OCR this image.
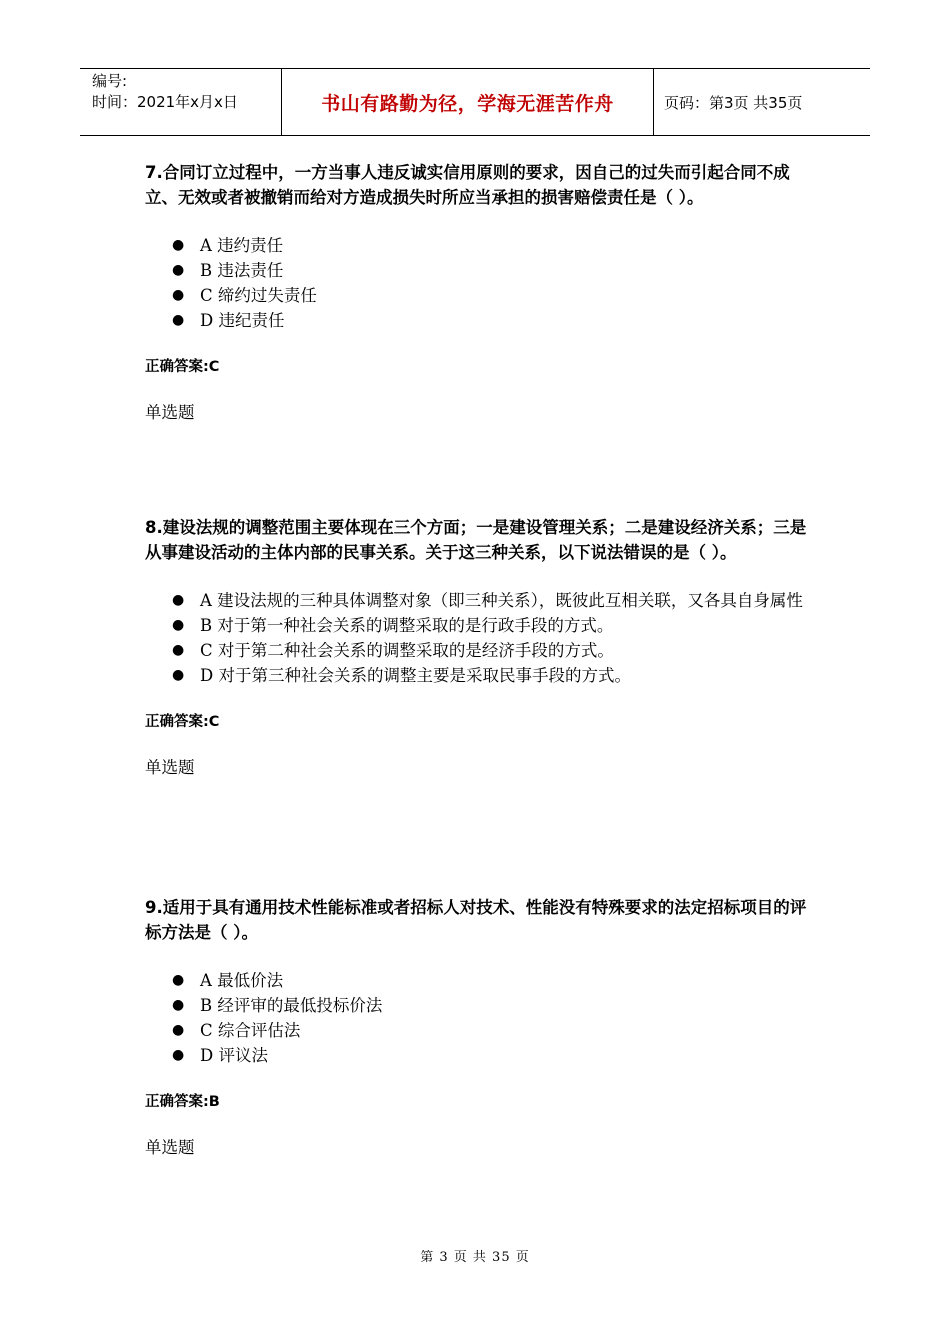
编号:
时间：2021年x月x日	书山有路勤为径，学海无涯苦作舟	页码：第3页 共35页
7.合同订立过程中，一方当事人违反诚实信用原则的要求，因自己的过失而引起合同不成立、无效或者被撤销而给对方造成损失时所应当承担的损害赔偿责任是（ ）。
● A 违约责任
● B 违法责任
● C 缔约过失责任
● D 违纪责任
正确答案:C
单选题
8.建设法规的调整范围主要体现在三个方面；一是建设管理关系；二是建设经济关系；三是从事建设活动的主体内部的民事关系。关于这三种关系，以下说法错误的是（ ）。
● A 建设法规的三种具体调整对象（即三种关系），既彼此互相关联，又各具自身属性
● B 对于第一种社会关系的调整采取的是行政手段的方式。
● C 对于第二种社会关系的调整采取的是经济手段的方式。
● D 对于第三种社会关系的调整主要是采取民事手段的方式。
正确答案:C
单选题
9.适用于具有通用技术性能标准或者招标人对技术、性能没有特殊要求的法定招标项目的评标方法是（ ）。
● A 最低价法
● B 经评审的最低投标价法
● C 综合评估法
● D 评议法
正确答案:B
单选题
第 3 页 共 35 页
